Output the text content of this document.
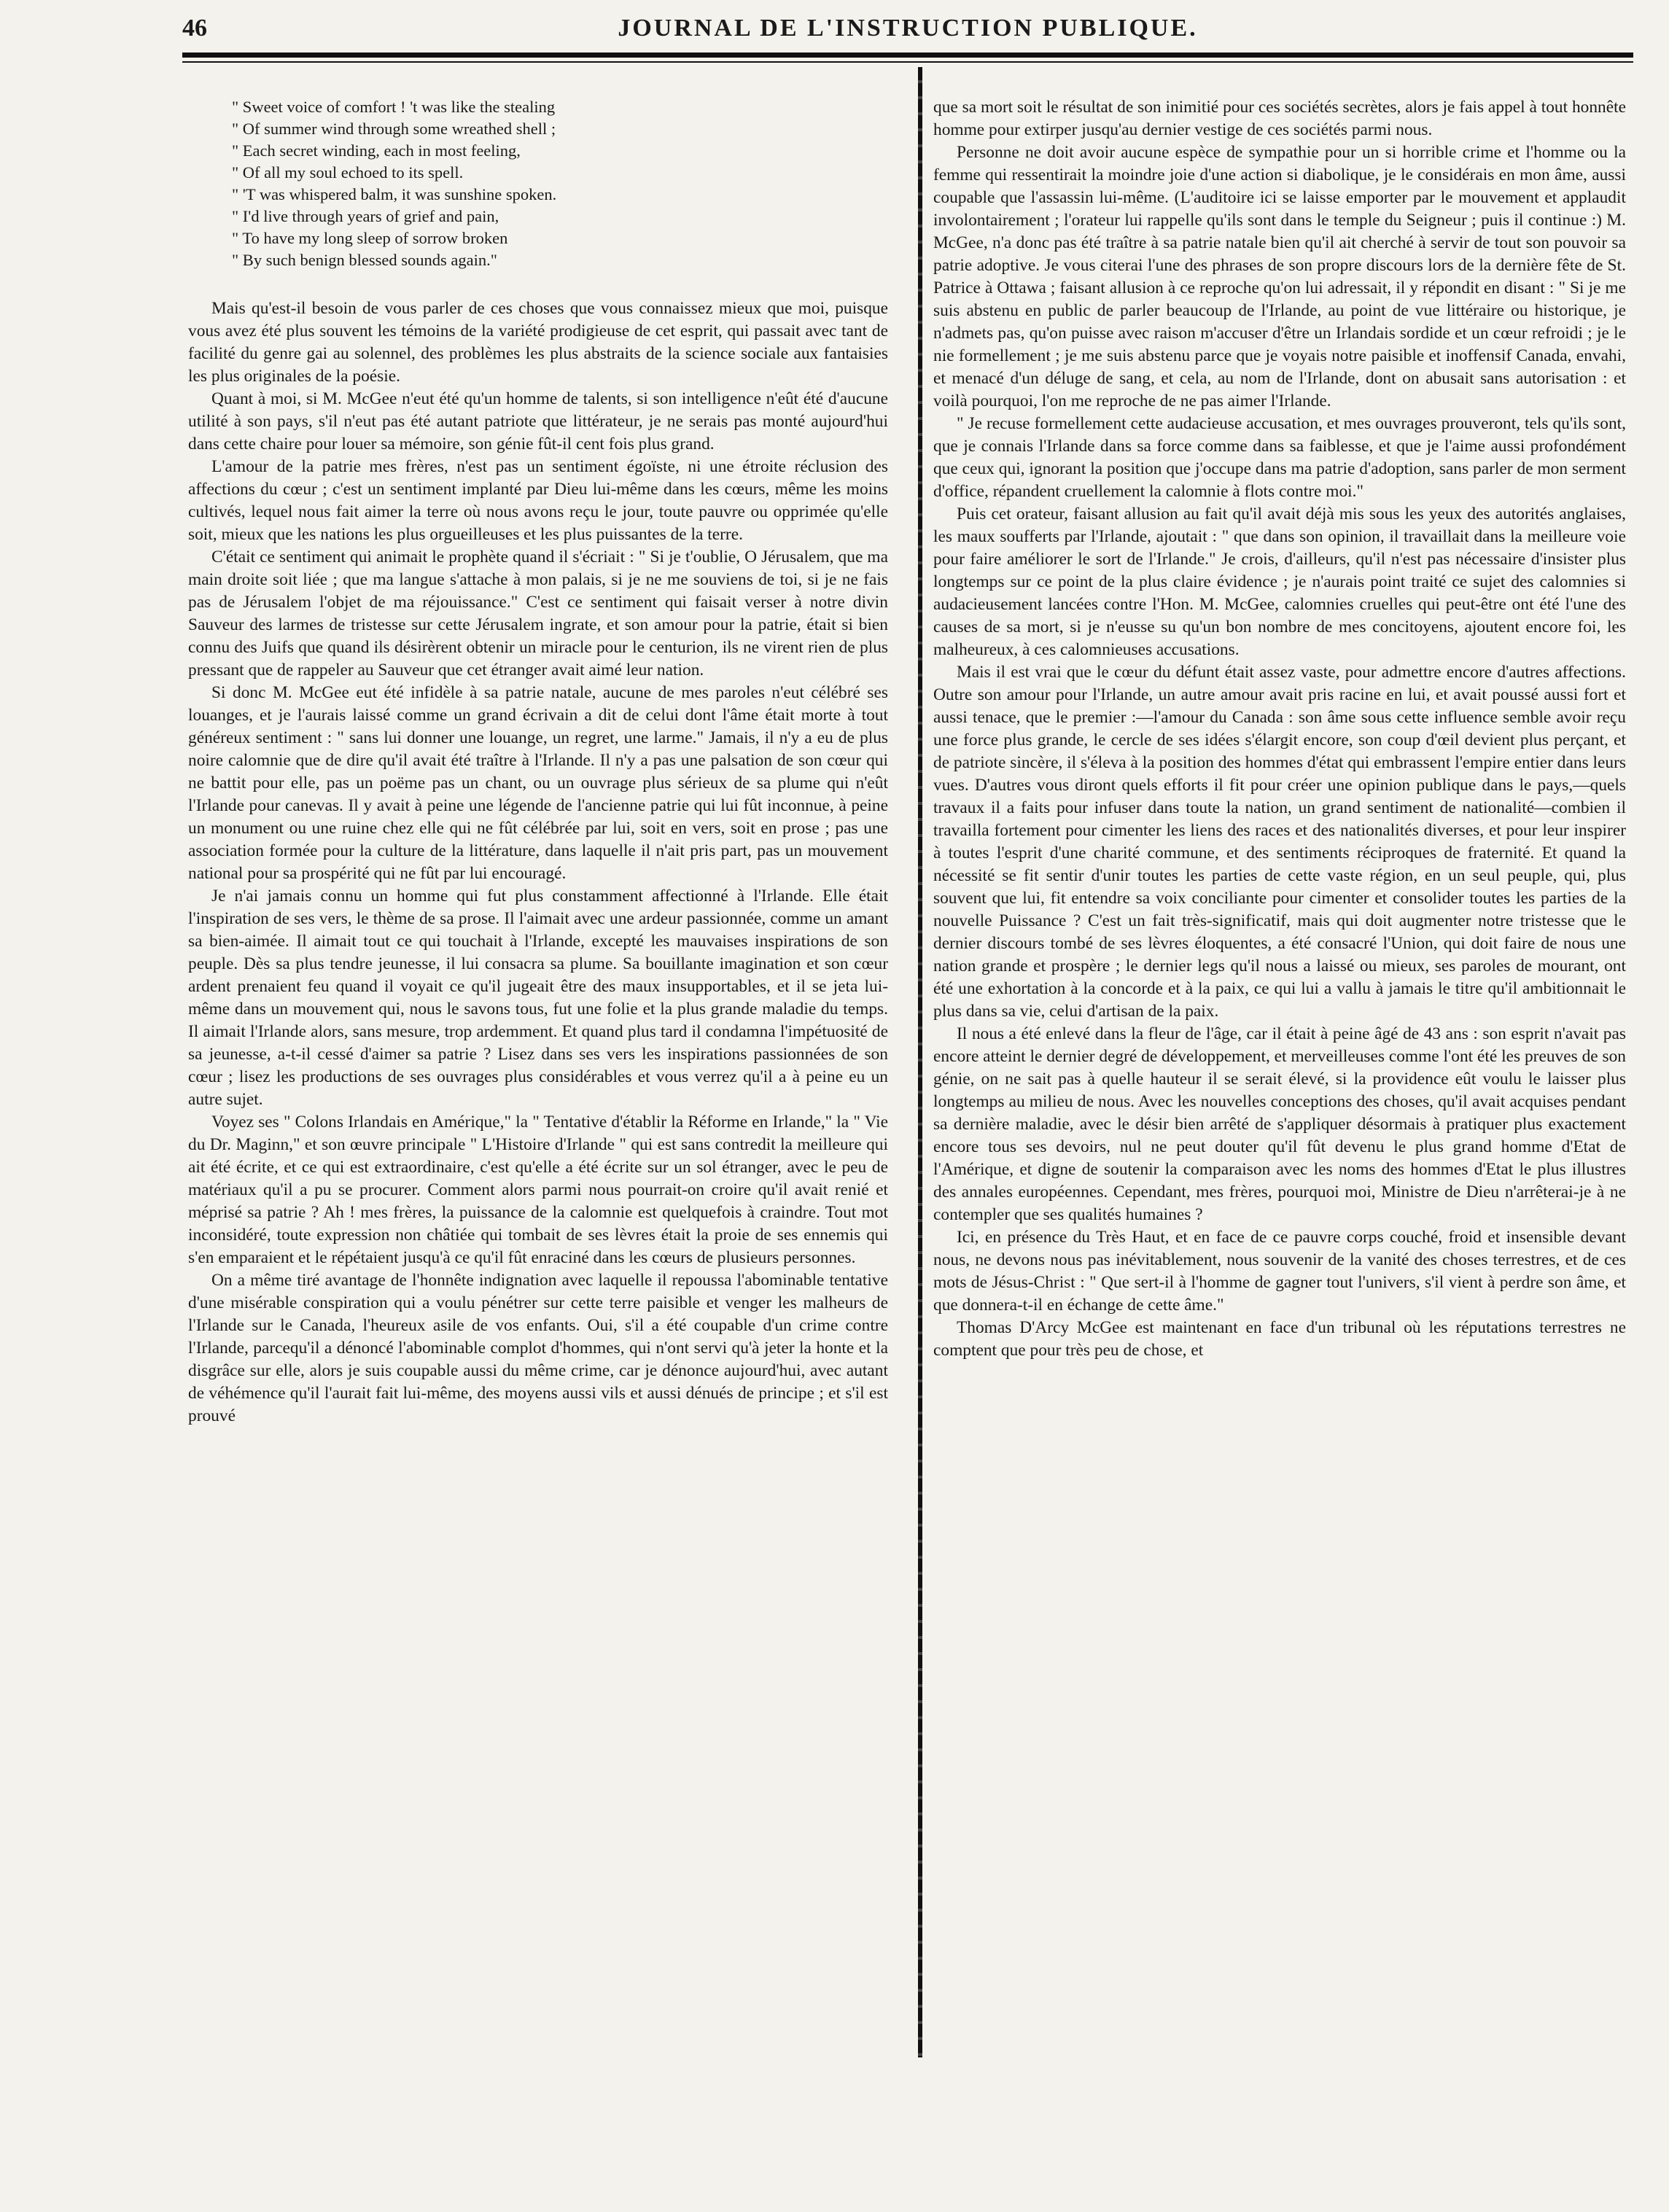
46	JOURNAL DE L'INSTRUCTION PUBLIQUE.
" Sweet voice of comfort ! 't was like the stealing
" Of summer wind through some wreathed shell ;
" Each secret winding, each in most feeling,
" Of all my soul echoed to its spell.
" 'T was whispered balm, it was sunshine spoken.
" I'd live through years of grief and pain,
" To have my long sleep of sorrow broken
" By such benign blessed sounds again."

Mais qu'est-il besoin de vous parler de ces choses que vous connaissez mieux que moi, puisque vous avez été plus souvent les témoins de la variété prodigieuse de cet esprit, qui passait avec tant de facilité du genre gai au solennel, des problèmes les plus abstraits de la science sociale aux fantaisies les plus originales de la poésie.

Quant à moi, si M. McGee n'eut été qu'un homme de talents, si son intelligence n'eût été d'aucune utilité à son pays, s'il n'eut pas été autant patriote que littérateur, je ne serais pas monté aujourd'hui dans cette chaire pour louer sa mémoire, son génie fût-il cent fois plus grand.

L'amour de la patrie mes frères, n'est pas un sentiment égoïste, ni une étroite réclusion des affections du cœur ; c'est un sentiment implanté par Dieu lui-même dans les cœurs, même les moins cultivés, lequel nous fait aimer la terre où nous avons reçu le jour, toute pauvre ou opprimée qu'elle soit, mieux que les nations les plus orgueilleuses et les plus puissantes de la terre.

C'était ce sentiment qui animait le prophète quand il s'écriait : " Si je t'oublie, O Jérusalem, que ma main droite soit liée ; que ma langue s'attache à mon palais, si je ne me souviens de toi, si je ne fais pas de Jérusalem l'objet de ma réjouissance." C'est ce sentiment qui faisait verser à notre divin Sauveur des larmes de tristesse sur cette Jérusalem ingrate, et son amour pour la patrie, était si bien connu des Juifs que quand ils désirèrent obtenir un miracle pour le centurion, ils ne virent rien de plus pressant que de rappeler au Sauveur que cet étranger avait aimé leur nation.

Si donc M. McGee eut été infidèle à sa patrie natale, aucune de mes paroles n'eut célébré ses louanges, et je l'aurais laissé comme un grand écrivain a dit de celui dont l'âme était morte à tout généreux sentiment : " sans lui donner une louange, un regret, une larme." Jamais, il n'y a eu de plus noire calomnie que de dire qu'il avait été traître à l'Irlande. Il n'y a pas une palsation de son cœur qui ne battit pour elle, pas un poëme pas un chant, ou un ouvrage plus sérieux de sa plume qui n'eût l'Irlande pour canevas. Il y avait à peine une légende de l'ancienne patrie qui lui fût inconnue, à peine un monument ou une ruine chez elle qui ne fût célébrée par lui, soit en vers, soit en prose ; pas une association formée pour la culture de la littérature, dans laquelle il n'ait pris part, pas un mouvement national pour sa prospérité qui ne fût par lui encouragé.

Je n'ai jamais connu un homme qui fut plus constamment affectionné à l'Irlande. Elle était l'inspiration de ses vers, le thème de sa prose. Il l'aimait avec une ardeur passionnée, comme un amant sa bien-aimée. Il aimait tout ce qui touchait à l'Irlande, excepté les mauvaises inspirations de son peuple. Dès sa plus tendre jeunesse, il lui consacra sa plume. Sa bouillante imagination et son cœur ardent prenaient feu quand il voyait ce qu'il jugeait être des maux insupportables, et il se jeta lui-même dans un mouvement qui, nous le savons tous, fut une folie et la plus grande maladie du temps. Il aimait l'Irlande alors, sans mesure, trop ardemment. Et quand plus tard il condamna l'impétuosité de sa jeunesse, a-t-il cessé d'aimer sa patrie ? Lisez dans ses vers les inspirations passionnées de son cœur ; lisez les productions de ses ouvrages plus considérables et vous verrez qu'il a à peine eu un autre sujet.

Voyez ses " Colons Irlandais en Amérique," la " Tentative d'établir la Réforme en Irlande," la " Vie du Dr. Maginn," et son œuvre principale " L'Histoire d'Irlande " qui est sans contredit la meilleure qui ait été écrite, et ce qui est extraordinaire, c'est qu'elle a été écrite sur un sol étranger, avec le peu de matériaux qu'il a pu se procurer. Comment alors parmi nous pourrait-on croire qu'il avait renié et méprisé sa patrie ? Ah ! mes frères, la puissance de la calomnie est quelquefois à craindre. Tout mot inconsidéré, toute expression non châtiée qui tombait de ses lèvres était la proie de ses ennemis qui s'en emparaient et le répétaient jusqu'à ce qu'il fût enraciné dans les cœurs de plusieurs personnes.

On a même tiré avantage de l'honnête indignation avec laquelle il repoussa l'abominable tentative d'une misérable conspiration qui a voulu pénétrer sur cette terre paisible et venger les malheurs de l'Irlande sur le Canada, l'heureux asile de vos enfants. Oui, s'il a été coupable d'un crime contre l'Irlande, parcequ'il a dénoncé l'abominable complot d'hommes, qui n'ont servi qu'à jeter la honte et la disgrâce sur elle, alors je suis coupable aussi du même crime, car je dénonce aujourd'hui, avec autant de véhémence qu'il l'aurait fait lui-même, des moyens aussi vils et aussi dénués de principe ; et s'il est prouvé

que sa mort soit le résultat de son inimitié pour ces sociétés secrètes, alors je fais appel à tout honnête homme pour extirper jusqu'au dernier vestige de ces sociétés parmi nous.

Personne ne doit avoir aucune espèce de sympathie pour un si horrible crime et l'homme ou la femme qui ressentirait la moindre joie d'une action si diabolique, je le considérais en mon âme, aussi coupable que l'assassin lui-même. (L'auditoire ici se laisse emporter par le mouvement et applaudit involontairement ; l'orateur lui rappelle qu'ils sont dans le temple du Seigneur ; puis il continue :) M. McGee, n'a donc pas été traître à sa patrie natale bien qu'il ait cherché à servir de tout son pouvoir sa patrie adoptive. Je vous citerai l'une des phrases de son propre discours lors de la dernière fête de St. Patrice à Ottawa ; faisant allusion à ce reproche qu'on lui adressait, il y répondit en disant : " Si je me suis abstenu en public de parler beaucoup de l'Irlande, au point de vue littéraire ou historique, je n'admets pas, qu'on puisse avec raison m'accuser d'être un Irlandais sordide et un cœur refroidi ; je le nie formellement ; je me suis abstenu parce que je voyais notre paisible et inoffensif Canada, envahi, et menacé d'un déluge de sang, et cela, au nom de l'Irlande, dont on abusait sans autorisation : et voilà pourquoi, l'on me reproche de ne pas aimer l'Irlande.

" Je recuse formellement cette audacieuse accusation, et mes ouvrages prouveront, tels qu'ils sont, que je connais l'Irlande dans sa force comme dans sa faiblesse, et que je l'aime aussi profondément que ceux qui, ignorant la position que j'occupe dans ma patrie d'adoption, sans parler de mon serment d'office, répandent cruellement la calomnie à flots contre moi."

Puis cet orateur, faisant allusion au fait qu'il avait déjà mis sous les yeux des autorités anglaises, les maux soufferts par l'Irlande, ajoutait : " que dans son opinion, il travaillait dans la meilleure voie pour faire améliorer le sort de l'Irlande." Je crois, d'ailleurs, qu'il n'est pas nécessaire d'insister plus longtemps sur ce point de la plus claire évidence ; je n'aurais point traité ce sujet des calomnies si audacieusement lancées contre l'Hon. M. McGee, calomnies cruelles qui peut-être ont été l'une des causes de sa mort, si je n'eusse su qu'un bon nombre de mes concitoyens, ajoutent encore foi, les malheureux, à ces calomnieuses accusations.

Mais il est vrai que le cœur du défunt était assez vaste, pour admettre encore d'autres affections. Outre son amour pour l'Irlande, un autre amour avait pris racine en lui, et avait poussé aussi fort et aussi tenace, que le premier :—l'amour du Canada : son âme sous cette influence semble avoir reçu une force plus grande, le cercle de ses idées s'élargit encore, son coup d'œil devient plus perçant, et de patriote sincère, il s'éleva à la position des hommes d'état qui embrassent l'empire entier dans leurs vues. D'autres vous diront quels efforts il fit pour créer une opinion publique dans le pays,—quels travaux il a faits pour infuser dans toute la nation, un grand sentiment de nationalité—combien il travailla fortement pour cimenter les liens des races et des nationalités diverses, et pour leur inspirer à toutes l'esprit d'une charité commune, et des sentiments réciproques de fraternité. Et quand la nécessité se fit sentir d'unir toutes les parties de cette vaste région, en un seul peuple, qui, plus souvent que lui, fit entendre sa voix conciliante pour cimenter et consolider toutes les parties de la nouvelle Puissance ? C'est un fait très-significatif, mais qui doit augmenter notre tristesse que le dernier discours tombé de ses lèvres éloquentes, a été consacré l'Union, qui doit faire de nous une nation grande et prospère ; le dernier legs qu'il nous a laissé ou mieux, ses paroles de mourant, ont été une exhortation à la concorde et à la paix, ce qui lui a vallu à jamais le titre qu'il ambitionnait le plus dans sa vie, celui d'artisan de la paix.

Il nous a été enlevé dans la fleur de l'âge, car il était à peine âgé de 43 ans : son esprit n'avait pas encore atteint le dernier degré de développement, et merveilleuses comme l'ont été les preuves de son génie, on ne sait pas à quelle hauteur il se serait élevé, si la providence eût voulu le laisser plus longtemps au milieu de nous. Avec les nouvelles conceptions des choses, qu'il avait acquises pendant sa dernière maladie, avec le désir bien arrêté de s'appliquer désormais à pratiquer plus exactement encore tous ses devoirs, nul ne peut douter qu'il fût devenu le plus grand homme d'Etat de l'Amérique, et digne de soutenir la comparaison avec les noms des hommes d'Etat le plus illustres des annales européennes. Cependant, mes frères, pourquoi moi, Ministre de Dieu n'arrêterai-je à ne contempler que ses qualités humaines ?

Ici, en présence du Très Haut, et en face de ce pauvre corps couché, froid et insensible devant nous, ne devons nous pas inévitablement, nous souvenir de la vanité des choses terrestres, et de ces mots de Jésus-Christ : " Que sert-il à l'homme de gagner tout l'univers, s'il vient à perdre son âme, et que donnera-t-il en échange de cette âme."

Thomas D'Arcy McGee est maintenant en face d'un tribunal où les réputations terrestres ne comptent que pour très peu de chose, et
